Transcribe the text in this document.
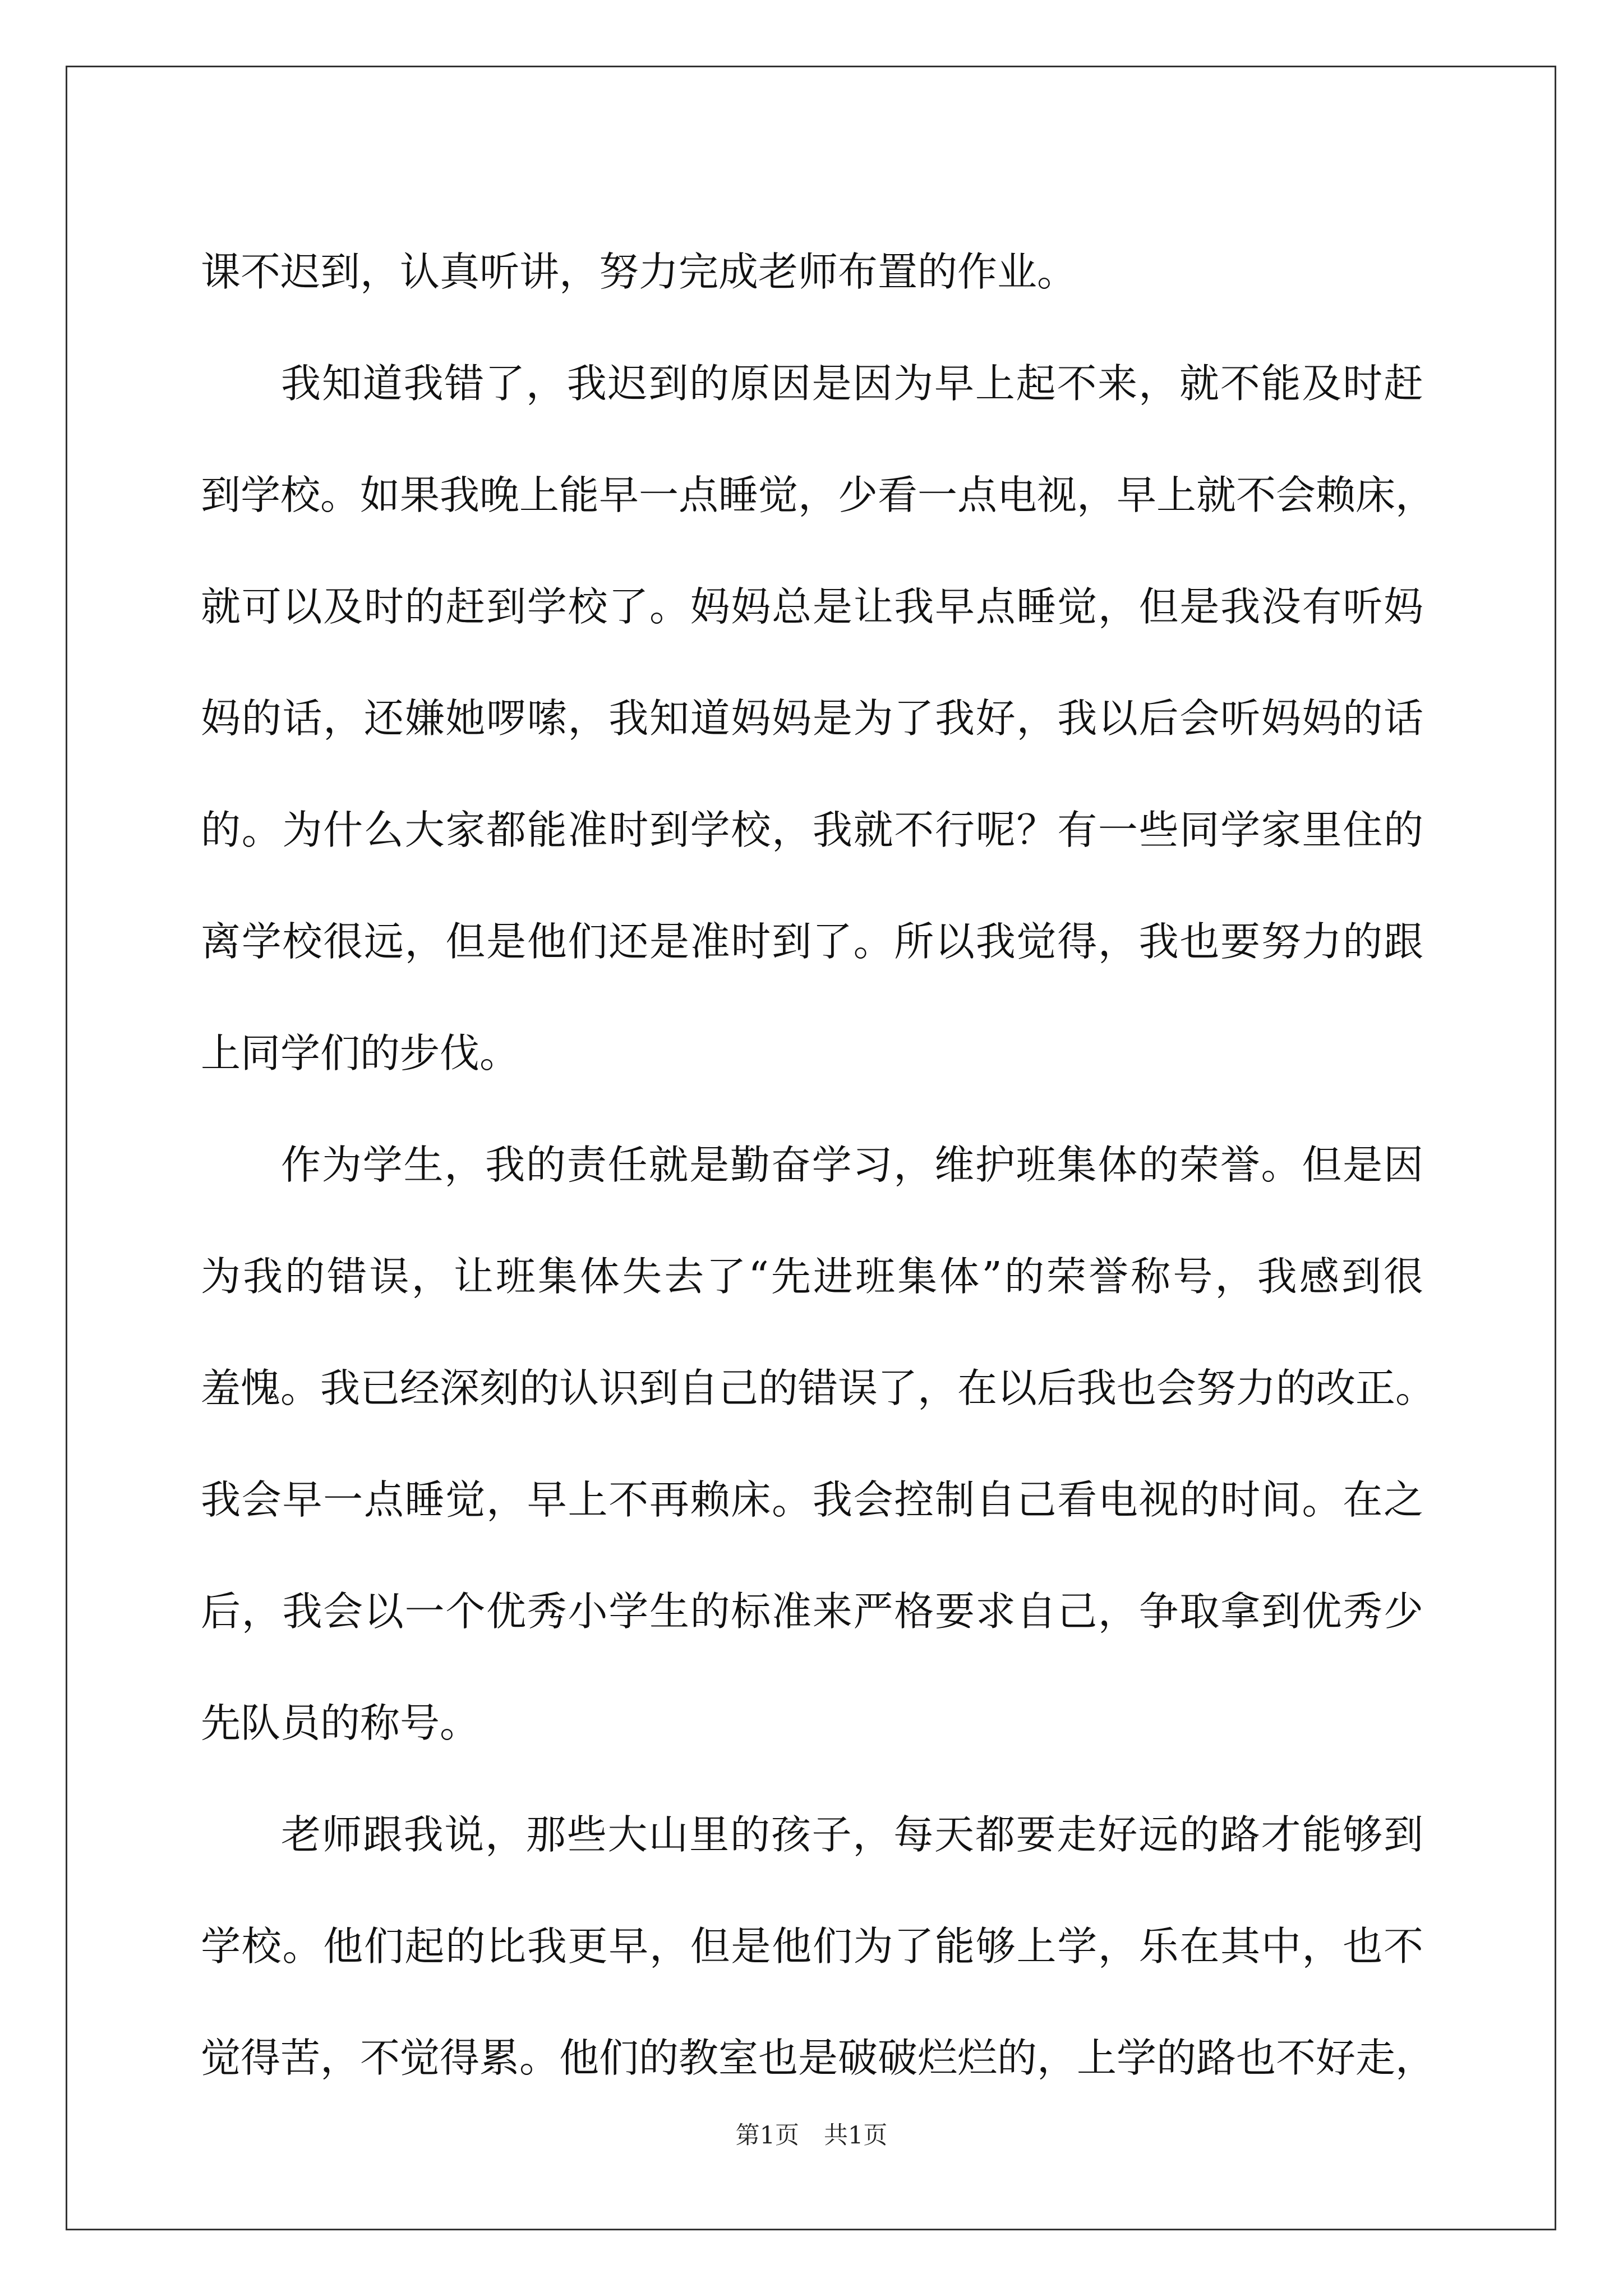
课不迟到，认真听讲，努力完成老师布置的作业。
我知道我错了，我迟到的原因是因为早上起不来，就不能及时赶
到学校。如果我晚上能早一点睡觉，少看一点电视，早上就不会赖床，
就可以及时的赶到学校了。妈妈总是让我早点睡觉，但是我没有听妈
妈的话，还嫌她啰嗦，我知道妈妈是为了我好，我以后会听妈妈的话
的。为什么大家都能准时到学校，我就不行呢？有一些同学家里住的
离学校很远，但是他们还是准时到了。所以我觉得，我也要努力的跟
上同学们的步伐。
作为学生，我的责任就是勤奋学习，维护班集体的荣誉。但是因
为我的错误，让班集体失去了“先进班集体”的荣誉称号，我感到很
羞愧。我已经深刻的认识到自己的错误了，在以后我也会努力的改正。
我会早一点睡觉，早上不再赖床。我会控制自己看电视的时间。在之
后，我会以一个优秀小学生的标准来严格要求自己，争取拿到优秀少
先队员的称号。
老师跟我说，那些大山里的孩子，每天都要走好远的路才能够到
学校。他们起的比我更早，但是他们为了能够上学，乐在其中，也不
觉得苦，不觉得累。他们的教室也是破破烂烂的，上学的路也不好走，
第1页 共1页
